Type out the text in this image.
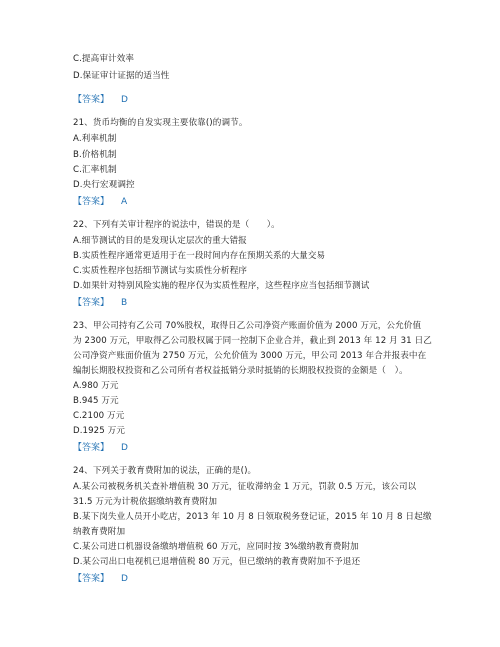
C.提高审计效率
D.保证审计证据的适当性
【答案】 D
21、货币均衡的自发实现主要依靠()的调节。
A.利率机制
B.价格机制
C.汇率机制
D.央行宏观调控
【答案】 A
22、下列有关审计程序的说法中，错误的是（　　）。
A.细节测试的目的是发现认定层次的重大错报
B.实质性程序通常更适用于在一段时间内存在预期关系的大量交易
C.实质性程序包括细节测试与实质性分析程序
D.如果针对特别风险实施的程序仅为实质性程序，这些程序应当包括细节测试
【答案】 B
23、甲公司持有乙公司 70%股权，取得日乙公司净资产账面价值为 2000 万元，公允价值
为 2300 万元，甲取得乙公司股权属于同一控制下企业合并，截止到 2013 年 12 月 31 日乙
公司净资产账面价值为 2750 万元，公允价值为 3000 万元，甲公司 2013 年合并报表中在
编制长期股权投资和乙公司所有者权益抵销分录时抵销的长期股权投资的金额是（　）。
A.980 万元
B.945 万元
C.2100 万元
D.1925 万元
【答案】 D
24、下列关于教育费附加的说法，正确的是()。
A.某公司被税务机关查补增值税 30 万元，征收滞纳金 1 万元，罚款 0.5 万元，该公司以
31.5 万元为计税依据缴纳教育费附加
B.某下岗失业人员开小吃店，2013 年 10 月 8 日领取税务登记证，2015 年 10 月 8 日起缴
纳教育费附加
C.某公司进口机器设备缴纳增值税 60 万元，应同时按 3%缴纳教育费附加
D.某公司出口电视机已退增值税 80 万元，但已缴纳的教育费附加不予退还
【答案】 D
